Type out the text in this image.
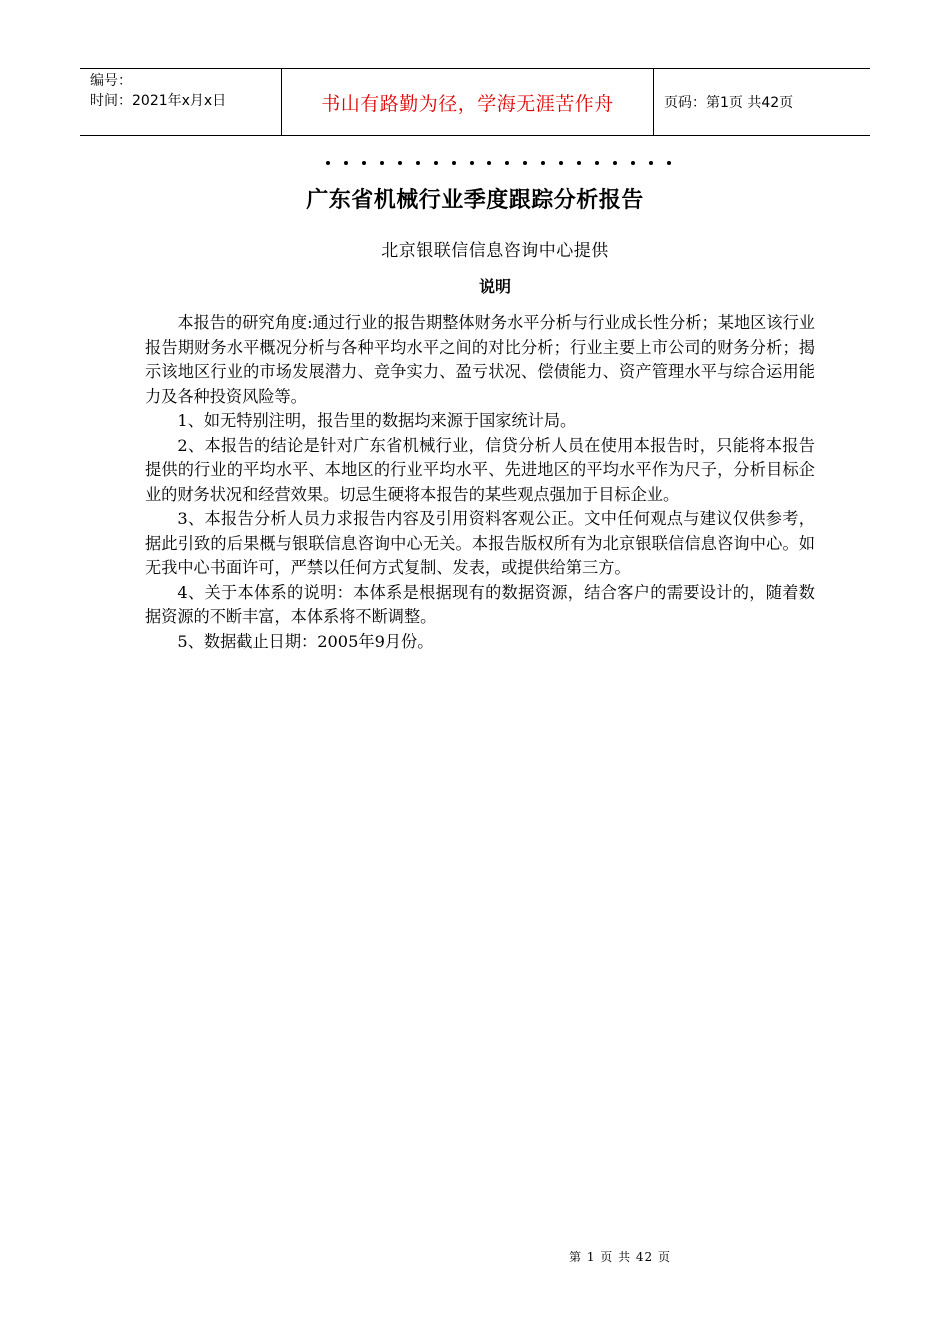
编号：
时间：2021年x月x日	书山有路勤为径，学海无涯苦作舟	页码：第1页 共42页
广东省机械行业季度跟踪分析报告
北京银联信信息咨询中心提供
说明

本报告的研究角度:通过行业的报告期整体财务水平分析与行业成长性分析；某地区该行业报告期财务水平概况分析与各种平均水平之间的对比分析；行业主要上市公司的财务分析；揭示该地区行业的市场发展潜力、竞争实力、盈亏状况、偿债能力、资产管理水平与综合运用能力及各种投资风险等。

1、如无特别注明，报告里的数据均来源于国家统计局。

2、本报告的结论是针对广东省机械行业，信贷分析人员在使用本报告时，只能将本报告提供的行业的平均水平、本地区的行业平均水平、先进地区的平均水平作为尺子，分析目标企业的财务状况和经营效果。切忌生硬将本报告的某些观点强加于目标企业。

3、本报告分析人员力求报告内容及引用资料客观公正。文中任何观点与建议仅供参考，据此引致的后果概与银联信息咨询中心无关。本报告版权所有为北京银联信信息咨询中心。如无我中心书面许可，严禁以任何方式复制、发表，或提供给第三方。

4、关于本体系的说明：本体系是根据现有的数据资源，结合客户的需要设计的，随着数据资源的不断丰富，本体系将不断调整。

5、数据截止日期：2005年9月份。

第 1 页 共 42 页
